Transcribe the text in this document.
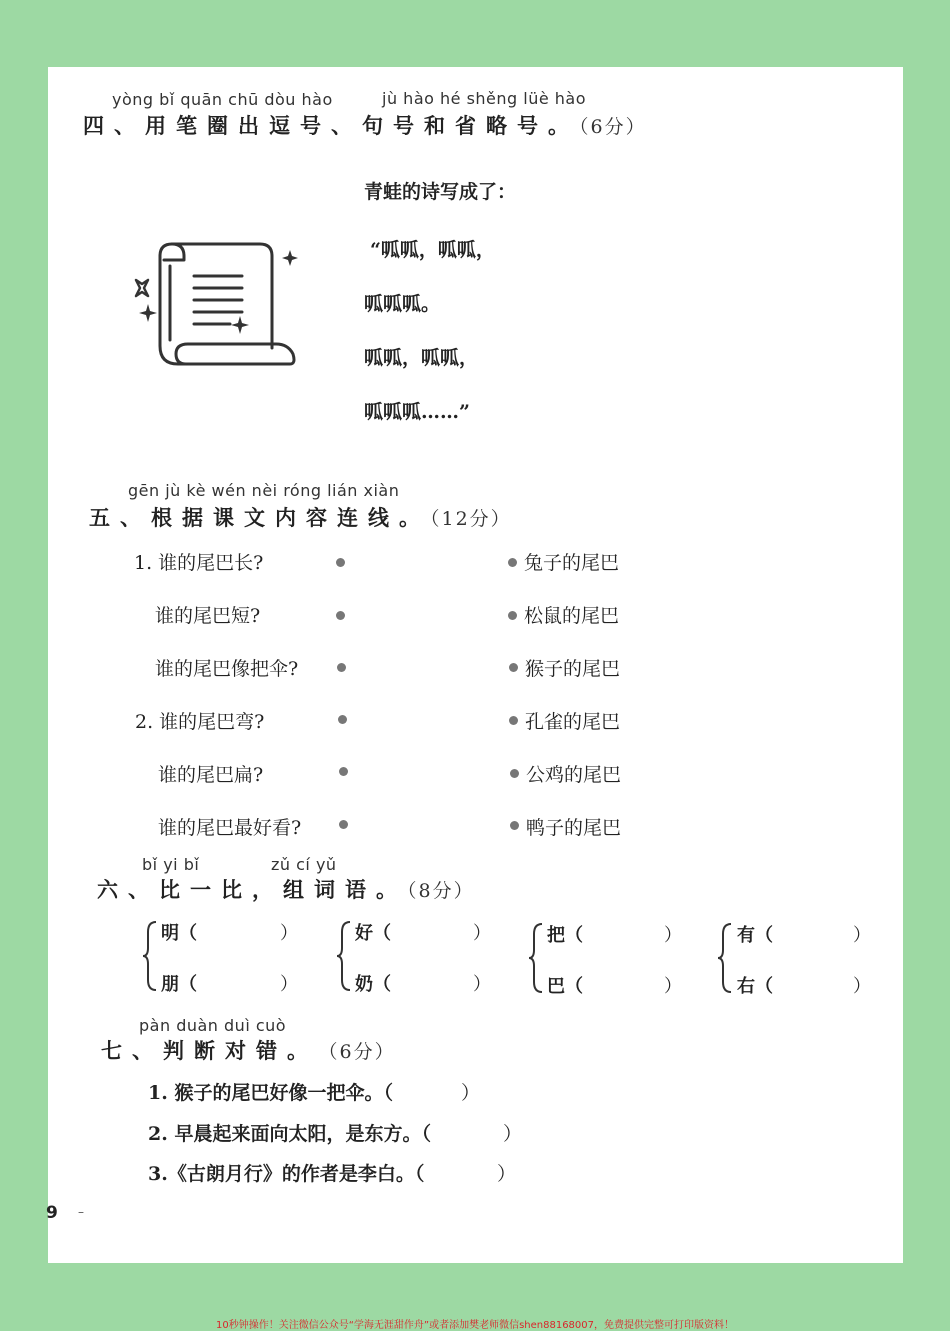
yòng bǐ quān chū dòu hào	jù hào hé shěng lüè hào
四、用笔圈出逗号、句号和省略号。（6分）
青蛙的诗写成了：
“呱呱，呱呱，
呱呱呱。
呱呱，呱呱，
呱呱呱……”
gēn jù kè wén nèi róng lián xiàn
五、根据课文内容连线。（12分）
1. 谁的尾巴长?
谁的尾巴短?
谁的尾巴像把伞?
2. 谁的尾巴弯?
谁的尾巴扁?
谁的尾巴最好看?
兔子的尾巴
松鼠的尾巴
猴子的尾巴
孔雀的尾巴
公鸡的尾巴
鸭子的尾巴
bǐ yi bǐ	zǔ cí yǔ
六、比一比，组词语。（8分）
明（	）
朋（	）
好（	）
奶（	）
把（	）
巴（	）
有（	）
右（	）
pàn duàn duì cuò
七、判断对错。 （6分）
1. 猴子的尾巴好像一把伞。（	）
2. 早晨起来面向太阳，是东方。（	）
3.《古朗月行》的作者是李白。（	）
9 –
10秒钟操作！关注微信公众号“学海无涯甜作舟”或者添加樊老师微信shen88168007，免费提供完整可打印版资料！
